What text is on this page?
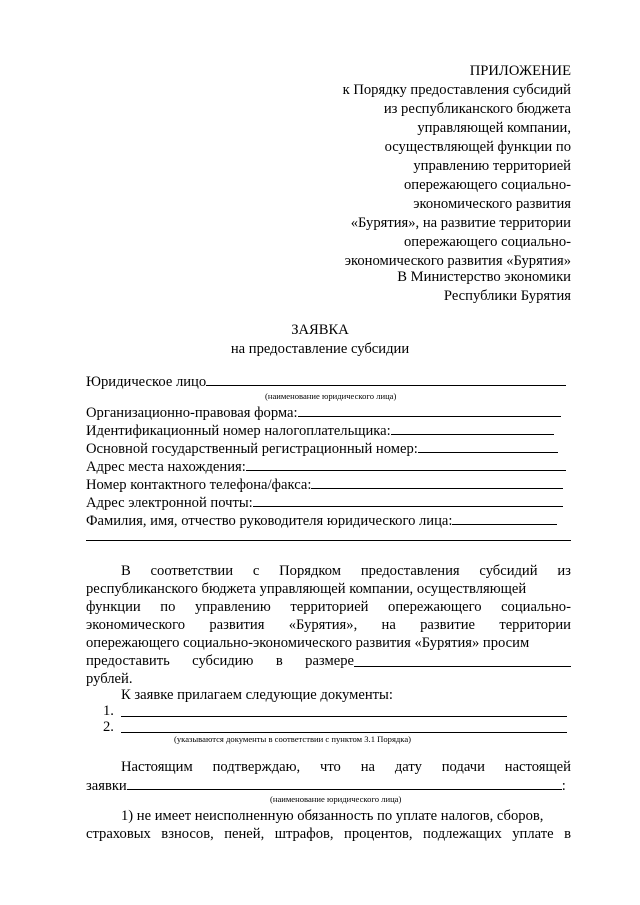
ПРИЛОЖЕНИЕ
к Порядку предоставления субсидий
из республиканского бюджета
управляющей компании,
осуществляющей функции по
управлению территорией
опережающего социально-
экономического развития
«Бурятия», на развитие территории
опережающего социально-
экономического развития «Бурятия»
В Министерство экономики
Республики Бурятия
ЗАЯВКА
на предоставление субсидии
Юридическое лицо
(наименование юридического лица)
Организационно-правовая форма:
Идентификационный номер налогоплательщика:
Основной государственный регистрационный номер:
Адрес места нахождения:
Номер контактного телефона/факса:
Адрес электронной почты:
Фамилия, имя, отчество руководителя юридического лица:
В соответствии с Порядком предоставления субсидий из
республиканского бюджета управляющей компании, осуществляющей
функции по управлению территорией опережающего социально-
экономического развития «Бурятия», на развитие территории
опережающего социально-экономического развития «Бурятия» просим
предоставить субсидию в размере
рублей.
К заявке прилагаем следующие документы:
1.
2.
(указываются документы в соответствии с пунктом 3.1 Порядка)
Настоящим подтверждаю, что на дату подачи настоящей
заявки	:
(наименование юридического лица)
1) не имеет неисполненную обязанность по уплате налогов, сборов,
страховых взносов, пеней, штрафов, процентов, подлежащих уплате в
